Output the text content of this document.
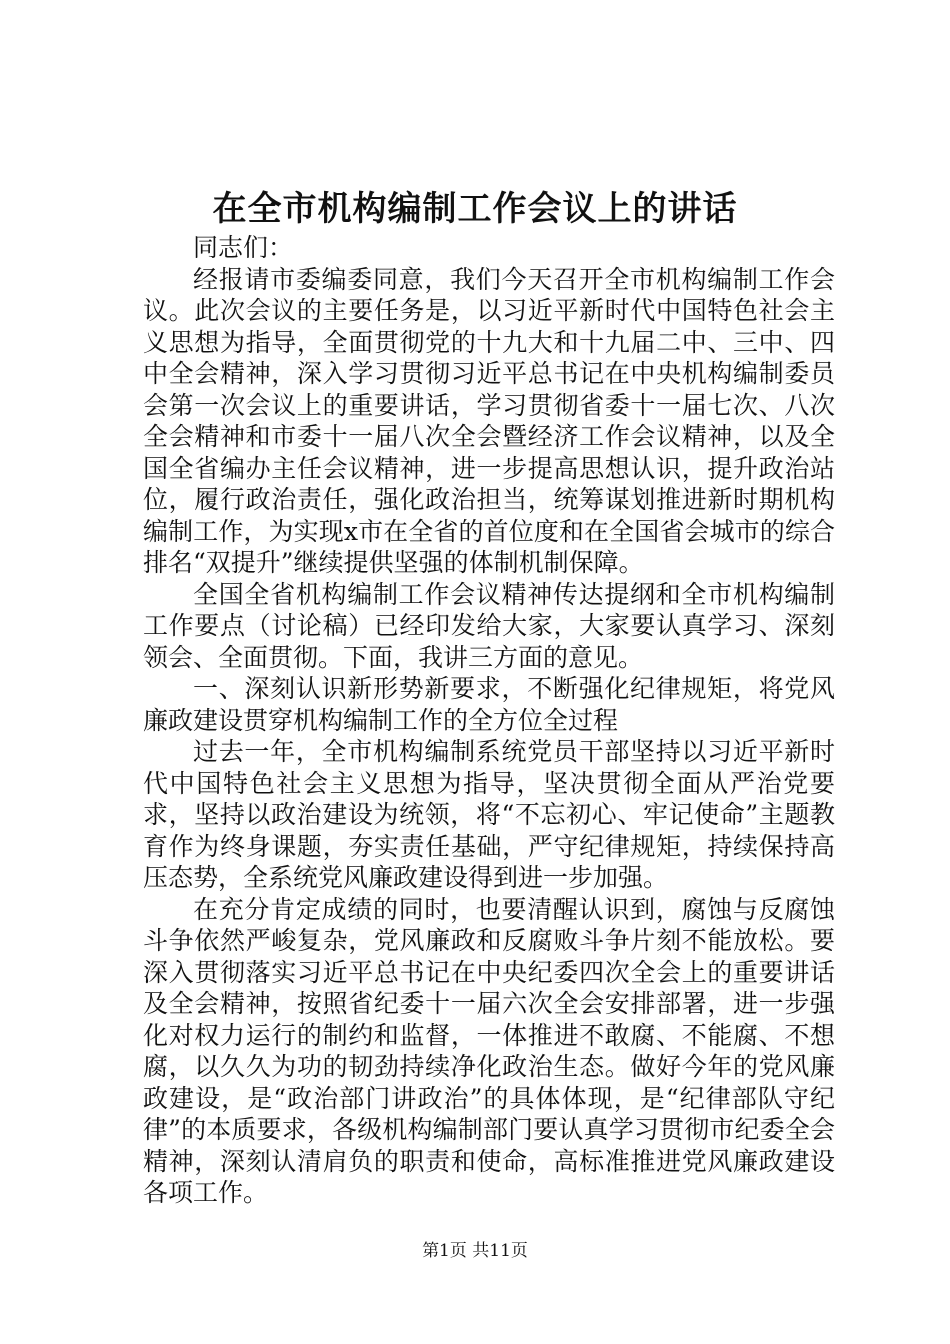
在全市机构编制工作会议上的讲话

同志们：

经报请市委编委同意，我们今天召开全市机构编制工作会议。此次会议的主要任务是，以习近平新时代中国特色社会主义思想为指导，全面贯彻党的十九大和十九届二中、三中、四中全会精神，深入学习贯彻习近平总书记在中央机构编制委员会第一次会议上的重要讲话，学习贯彻省委十一届七次、八次全会精神和市委十一届八次全会暨经济工作会议精神，以及全国全省编办主任会议精神，进一步提高思想认识，提升政治站位，履行政治责任，强化政治担当，统筹谋划推进新时期机构编制工作，为实现x市在全省的首位度和在全国省会城市的综合排名“双提升”继续提供坚强的体制机制保障。

全国全省机构编制工作会议精神传达提纲和全市机构编制工作要点（讨论稿）已经印发给大家，大家要认真学习、深刻领会、全面贯彻。下面，我讲三方面的意见。

一、深刻认识新形势新要求，不断强化纪律规矩，将党风廉政建设贯穿机构编制工作的全方位全过程

过去一年，全市机构编制系统党员干部坚持以习近平新时代中国特色社会主义思想为指导，坚决贯彻全面从严治党要求，坚持以政治建设为统领，将“不忘初心、牢记使命”主题教育作为终身课题，夯实责任基础，严守纪律规矩，持续保持高压态势，全系统党风廉政建设得到进一步加强。

在充分肯定成绩的同时，也要清醒认识到，腐蚀与反腐蚀斗争依然严峻复杂，党风廉政和反腐败斗争片刻不能放松。要深入贯彻落实习近平总书记在中央纪委四次全会上的重要讲话及全会精神，按照省纪委十一届六次全会安排部署，进一步强化对权力运行的制约和监督，一体推进不敢腐、不能腐、不想腐，以久久为功的韧劲持续净化政治生态。做好今年的党风廉政建设，是“政治部门讲政治”的具体体现，是“纪律部队守纪律”的本质要求，各级机构编制部门要认真学习贯彻市纪委全会精神，深刻认清肩负的职责和使命，高标准推进党风廉政建设各项工作。

第1页 共11页
